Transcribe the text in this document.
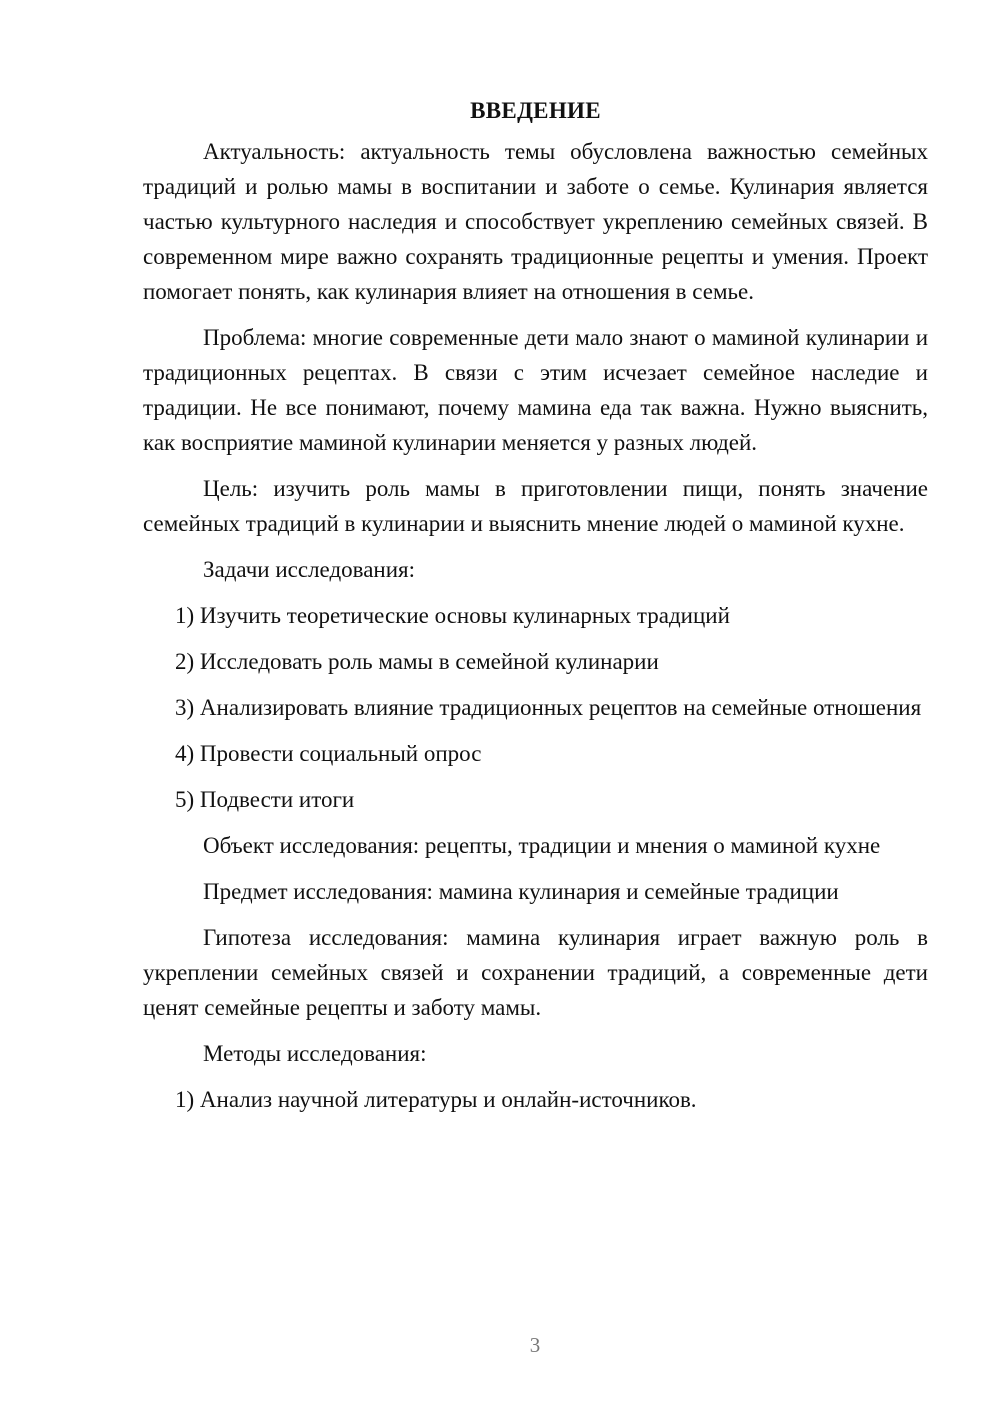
ВВЕДЕНИЕ

Актуальность: актуальность темы обусловлена важностью семейных традиций и ролью мамы в воспитании и заботе о семье. Кулинария является частью культурного наследия и способствует укреплению семейных связей. В современном мире важно сохранять традиционные рецепты и умения. Проект помогает понять, как кулинария влияет на отношения в семье.

Проблема: многие современные дети мало знают о маминой кулинарии и традиционных рецептах. В связи с этим исчезает семейное наследие и традиции. Не все понимают, почему мамина еда так важна. Нужно выяснить, как восприятие маминой кулинарии меняется у разных людей.

Цель: изучить роль мамы в приготовлении пищи, понять значение семейных традиций в кулинарии и выяснить мнение людей о маминой кухне.

Задачи исследования:

1) Изучить теоретические основы кулинарных традиций

2) Исследовать роль мамы в семейной кулинарии

3) Анализировать влияние традиционных рецептов на семейные отношения

4) Провести социальный опрос

5) Подвести итоги

Объект исследования: рецепты, традиции и мнения о маминой кухне

Предмет исследования: мамина кулинария и семейные традиции

Гипотеза исследования: мамина кулинария играет важную роль в укреплении семейных связей и сохранении традиций, а современные дети ценят семейные рецепты и заботу мамы.

Методы исследования:

1) Анализ научной литературы и онлайн-источников.

3
